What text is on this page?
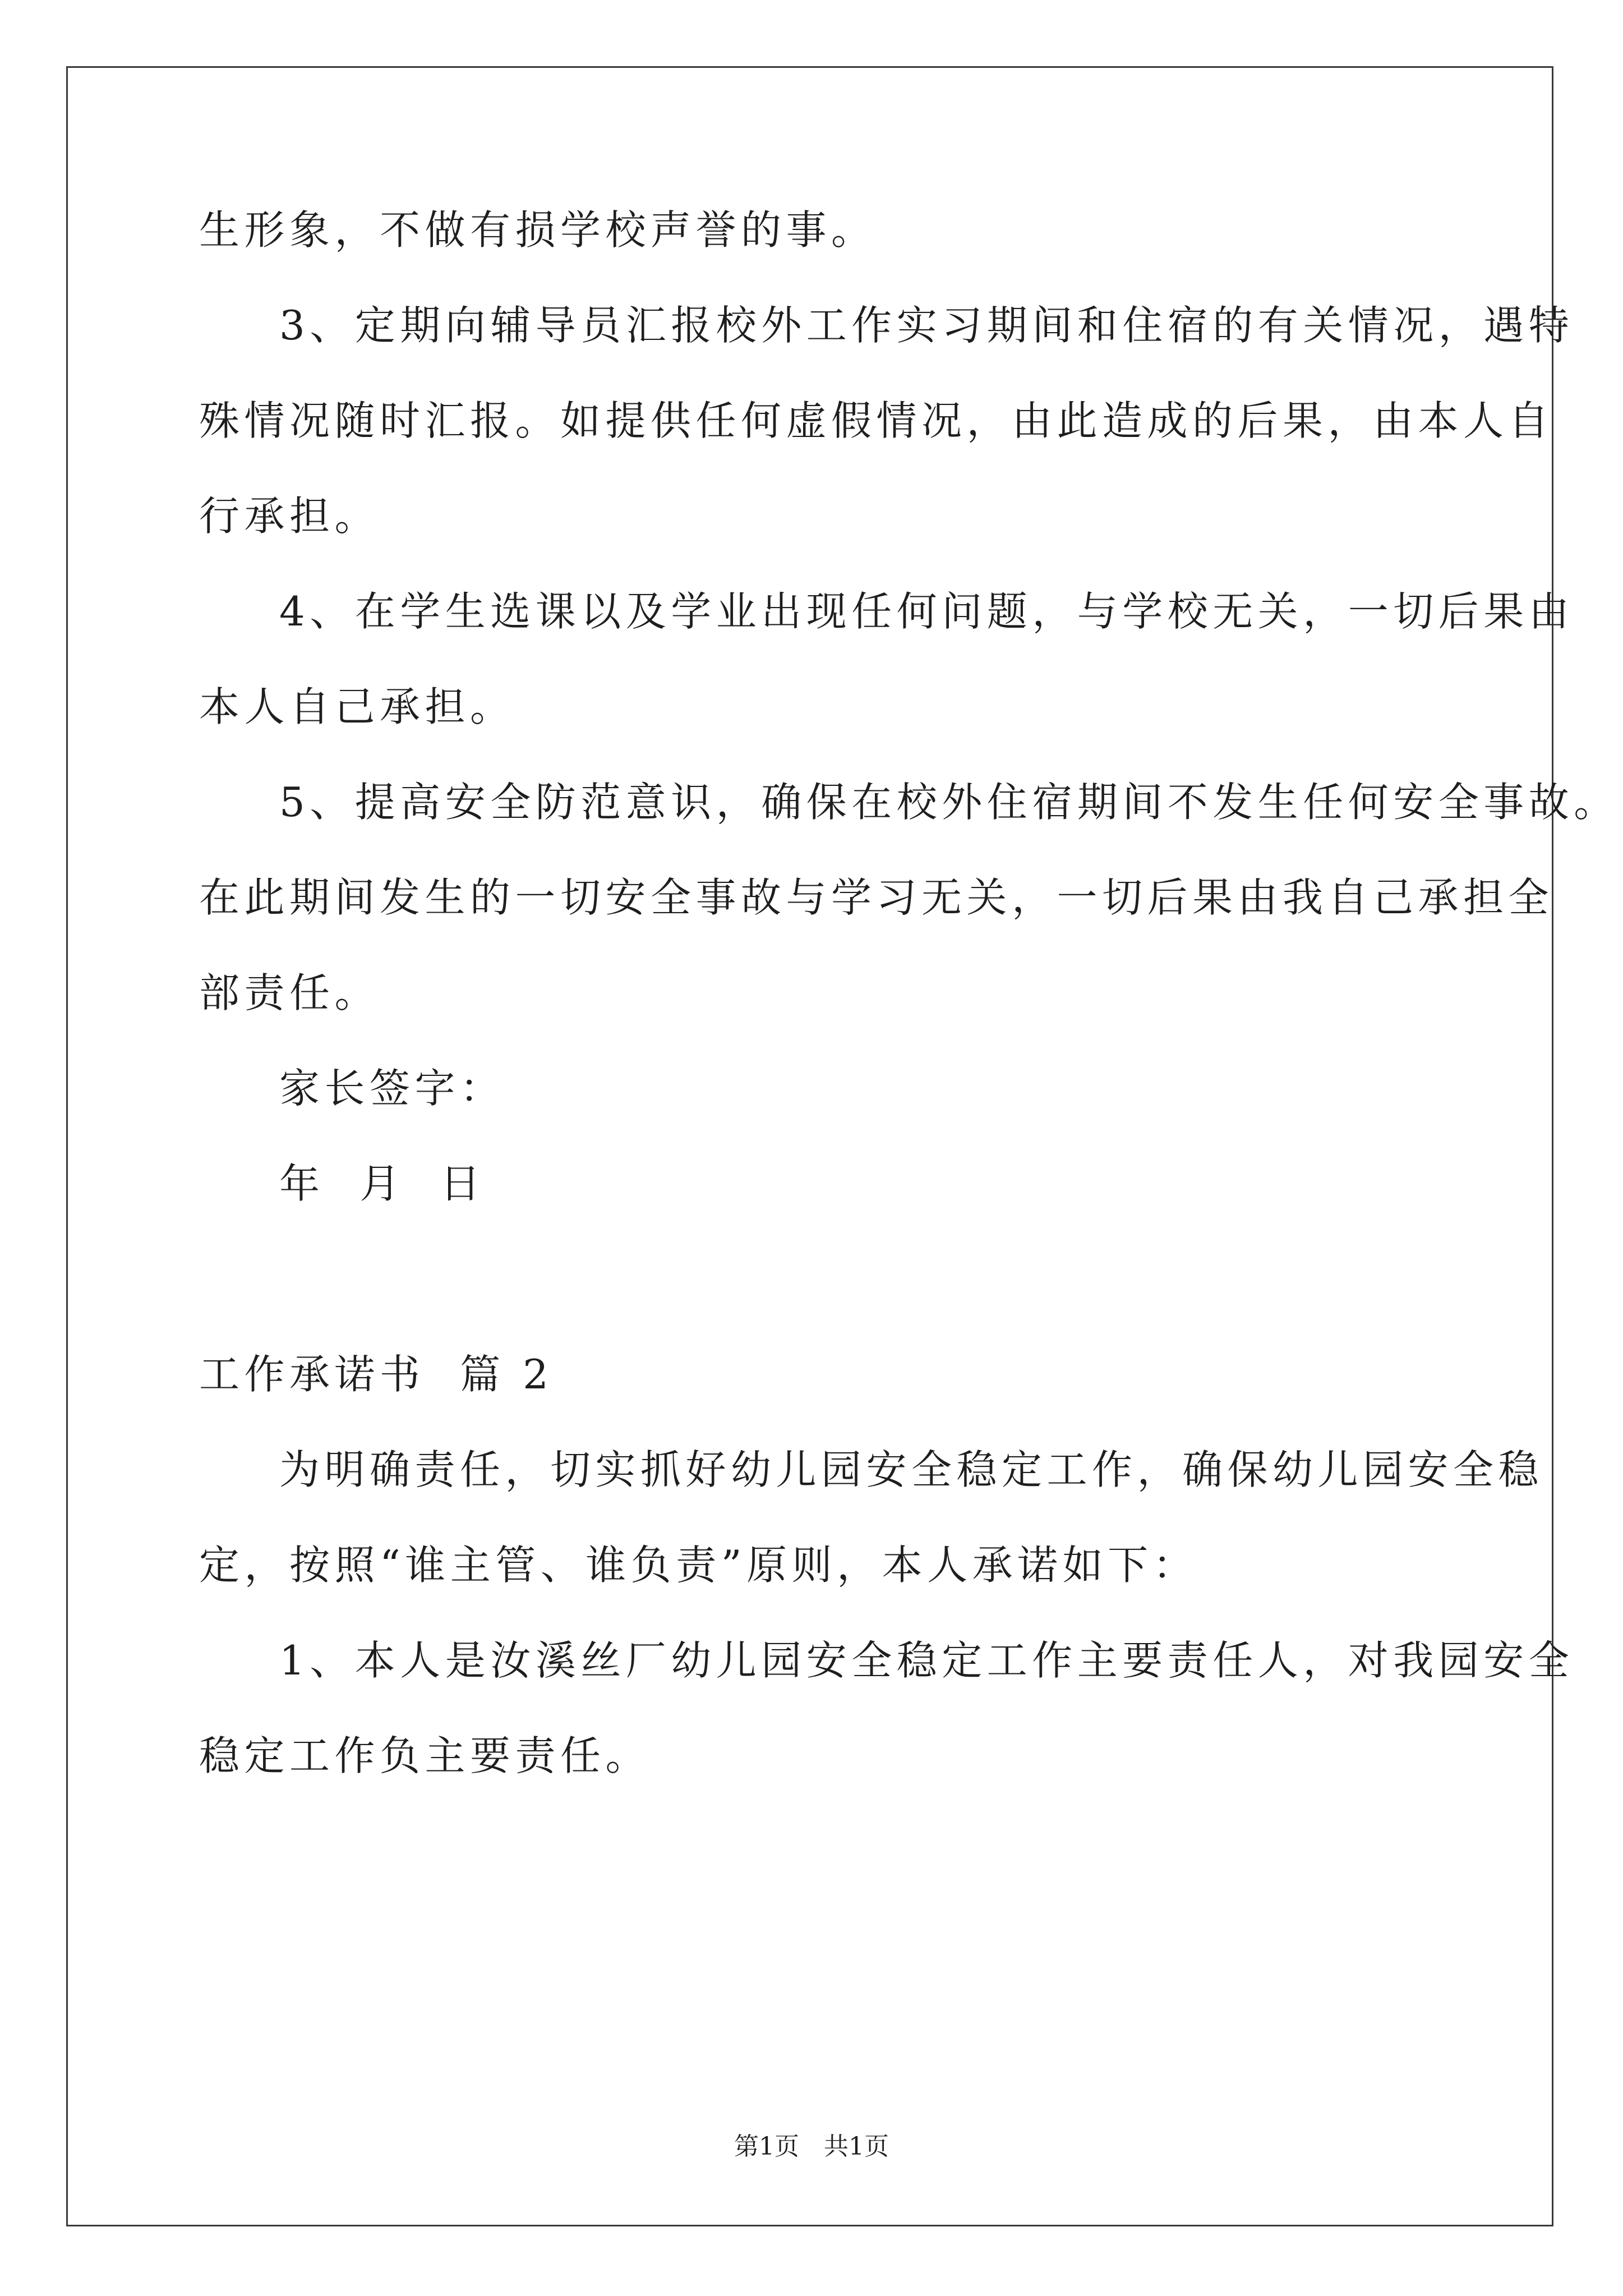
生形象，不做有损学校声誉的事。
3、定期向辅导员汇报校外工作实习期间和住宿的有关情况，遇特
殊情况随时汇报。如提供任何虚假情况，由此造成的后果，由本人自
行承担。
4、在学生选课以及学业出现任何问题，与学校无关，一切后果由
本人自己承担。
5、提高安全防范意识，确保在校外住宿期间不发生任何安全事故。
在此期间发生的一切安全事故与学习无关，一切后果由我自己承担全
部责任。
家长签字：
年  月  日
工作承诺书  篇 2
为明确责任，切实抓好幼儿园安全稳定工作，确保幼儿园安全稳
定，按照“谁主管、谁负责”原则，本人承诺如下：
1、本人是汝溪丝厂幼儿园安全稳定工作主要责任人，对我园安全
稳定工作负主要责任。
第1页 共1页
